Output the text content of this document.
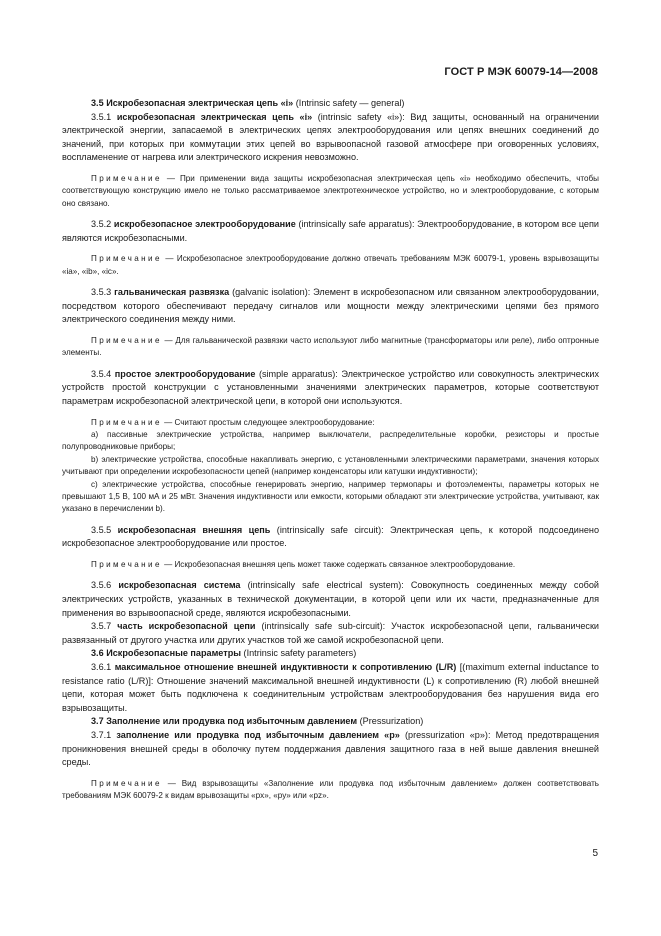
ГОСТ Р МЭК 60079-14—2008
3.5 Искробезопасная электрическая цепь «i» (Intrinsic safety — general)
3.5.1 искробезопасная электрическая цепь «i» (intrinsic safety «i»): Вид защиты, основанный на ограничении электрической энергии, запасаемой в электрических цепях электрооборудования или цепях внешних соединений до значений, при которых при коммутации этих цепей во взрывоопасной газовой атмосфере при оговоренных условиях, воспламенение от нагрева или электрического искрения невозможно.
Примечание — При применении вида защиты искробезопасная электрическая цепь «i» необходимо обеспечить, чтобы соответствующую конструкцию имело не только рассматриваемое электротехническое устройство, но и электрооборудование, с которым оно связано.
3.5.2 искробезопасное электрооборудование (intrinsically safe apparatus): Электрооборудование, в котором все цепи являются искробезопасными.
Примечание — Искробезопасное электрооборудование должно отвечать требованиям МЭК 60079-1, уровень взрывозащиты «ia», «ib», «ic».
3.5.3 гальваническая развязка (galvanic isolation): Элемент в искробезопасном или связанном электрооборудовании, посредством которого обеспечивают передачу сигналов или мощности между электрическими цепями без прямого электрического соединения между ними.
Примечание — Для гальванической развязки часто используют либо магнитные (трансформаторы или реле), либо оптронные элементы.
3.5.4 простое электрооборудование (simple apparatus): Электрическое устройство или совокупность электрических устройств простой конструкции с установленными значениями электрических параметров, которые соответствуют параметрам искробезопасной электрической цепи, в которой они используются.
Примечание — Считают простым следующее электрооборудование:
а) пассивные электрические устройства, например выключатели, распределительные коробки, резисторы и простые полупроводниковые приборы;
b) электрические устройства, способные накапливать энергию, с установленными электрическими параметрами, значения которых учитывают при определении искробезопасности цепей (например конденсаторы или катушки индуктивности);
c) электрические устройства, способные генерировать энергию, например термопары и фотоэлементы, параметры которых не превышают 1,5 В, 100 мА и 25 мВт. Значения индуктивности или емкости, которыми обладают эти электрические устройства, учитывают, как указано в перечислении b).
3.5.5 искробезопасная внешняя цепь (intrinsically safe circuit): Электрическая цепь, к которой подсоединено искробезопасное электрооборудование или простое.
Примечание — Искробезопасная внешняя цепь может также содержать связанное электрооборудование.
3.5.6 искробезопасная система (intrinsically safe electrical system): Совокупность соединенных между собой электрических устройств, указанных в технической документации, в которой цепи или их части, предназначенные для применения во взрывоопасной среде, являются искробезопасными.
3.5.7 часть искробезопасной цепи (intrinsically safe sub-circuit): Участок искробезопасной цепи, гальванически развязанный от другого участка или других участков той же самой искробезопасной цепи.
3.6 Искробезопасные параметры (Intrinsic safety parameters)
3.6.1 максимальное отношение внешней индуктивности к сопротивлению (L/R) [(maximum external inductance to resistance ratio (L/R)]: Отношение значений максимальной внешней индуктивности (L) к сопротивлению (R) любой внешней цепи, которая может быть подключена к соединительным устройствам электрооборудования без нарушения вида его взрывозащиты.
3.7 Заполнение или продувка под избыточным давлением (Pressurization)
3.7.1 заполнение или продувка под избыточным давлением «p» (pressurization «p»): Метод предотвращения проникновения внешней среды в оболочку путем поддержания давления защитного газа в ней выше давления внешней среды.
Примечание — Вид взрывозащиты «Заполнение или продувка под избыточным давлением» должен соответствовать требованиям МЭК 60079-2 к видам врывозащиты «px», «py» или «pz».
5
